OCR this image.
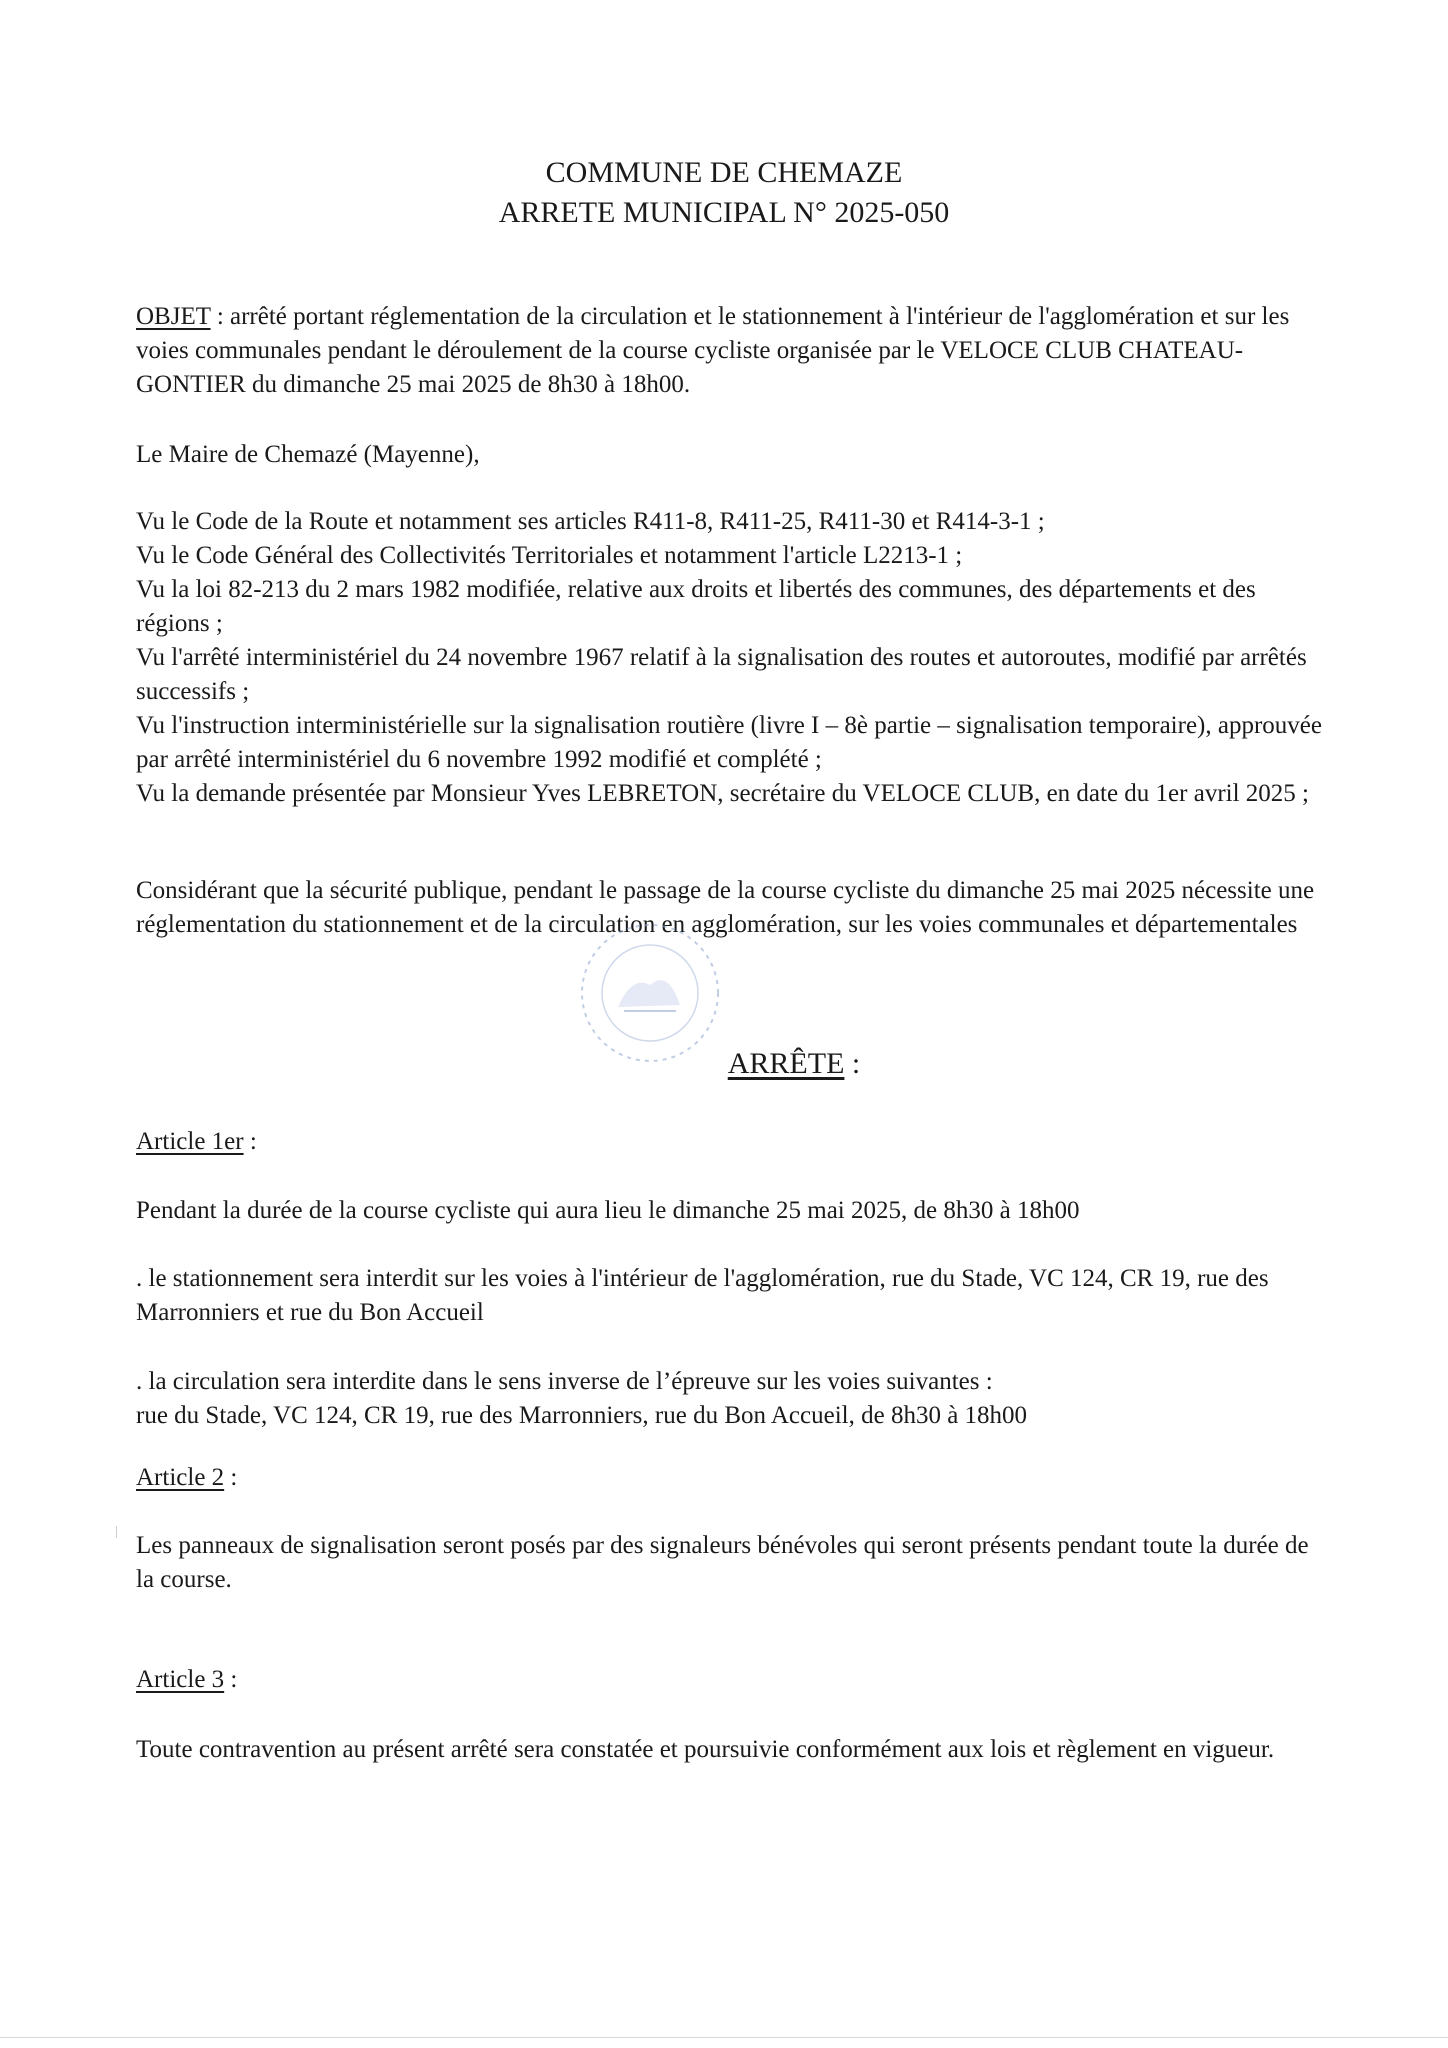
COMMUNE DE CHEMAZE
ARRETE MUNICIPAL N° 2025-050

OBJET : arrêté portant réglementation de la circulation et le stationnement à l'intérieur de l'agglomération et sur les voies communales pendant le déroulement de la course cycliste organisée par le VELOCE CLUB CHATEAU-GONTIER du dimanche 25 mai 2025 de 8h30 à 18h00.

Le Maire de Chemazé (Mayenne),

Vu le Code de la Route et notamment ses articles R411-8, R411-25, R411-30 et R414-3-1 ;

Vu le Code Général des Collectivités Territoriales et notamment l'article L2213-1 ;

Vu la loi 82-213 du 2 mars 1982 modifiée, relative aux droits et libertés des communes, des départements et des régions ;

Vu l'arrêté interministériel du 24 novembre 1967 relatif à la signalisation des routes et autoroutes, modifié par arrêtés successifs ;

Vu l'instruction interministérielle sur la signalisation routière (livre I – 8è partie – signalisation temporaire), approuvée par arrêté interministériel du 6 novembre 1992 modifié et complété ;

Vu la demande présentée par Monsieur Yves LEBRETON, secrétaire du VELOCE CLUB, en date du 1er avril 2025 ;

Considérant que la sécurité publique, pendant le passage de la course cycliste du dimanche 25 mai 2025 nécessite une réglementation du stationnement et de la circulation en agglomération, sur les voies communales et départementales

ARRÊTE :

Article 1er :

Pendant la durée de la course cycliste qui aura lieu le dimanche 25 mai 2025, de 8h30 à 18h00

. le stationnement sera interdit sur les voies à l'intérieur de l'agglomération, rue du Stade, VC 124, CR 19, rue des Marronniers et rue du Bon Accueil

. la circulation sera interdite dans le sens inverse de l’épreuve sur les voies suivantes :

rue du Stade, VC 124, CR 19, rue des Marronniers, rue du Bon Accueil, de 8h30 à 18h00

Article 2 :

Les panneaux de signalisation seront posés par des signaleurs bénévoles qui seront présents pendant toute la durée de la course.

Article 3 :

Toute contravention au présent arrêté sera constatée et poursuivie conformément aux lois et règlement en vigueur.
